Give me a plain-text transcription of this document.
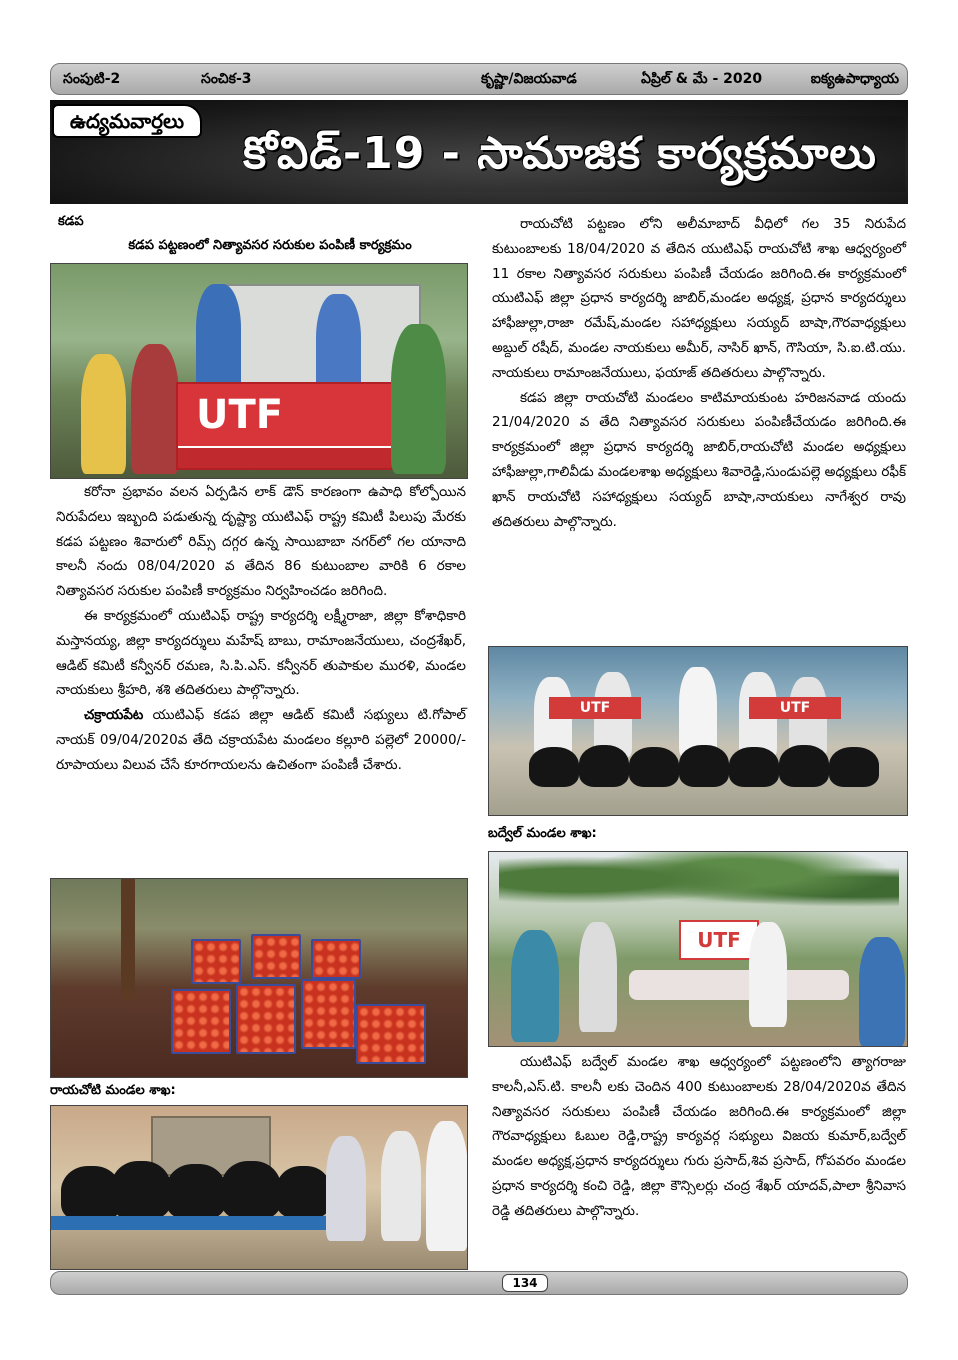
సంపుటి-2	సంచిక-3	కృష్ణా/విజయవాడ	ఏప్రిల్ & మే - 2020	ఐక్యఉపాధ్యాయ
ఉద్యమవార్తలు
కోవిడ్-19 - సామాజిక కార్యక్రమాలు
కడప
కడప పట్టణంలో నిత్యావసర సరుకుల పంపిణీ కార్యక్రమం
UTF

కరోనా ప్రభావం వలన ఏర్పడిన లాక్ డౌన్ కారణంగా ఉపాధి కోల్పోయిన నిరుపేదలు ఇబ్బంది పడుతున్న దృష్ట్యా యుటిఎఫ్ రాష్ట్ర కమిటీ పిలుపు మేరకు కడప పట్టణం శివారులో రిమ్స్ దగ్గర ఉన్న సాయిబాబా నగర్‌లో గల యానాది కాలనీ నందు 08/04/2020 వ తేదిన 86 కుటుంబాల వారికి 6 రకాల నిత్యావసర సరుకుల పంపిణీ కార్యక్రమం నిర్వహించడం జరిగింది.

ఈ కార్యక్రమంలో యుటిఎఫ్ రాష్ట్ర కార్యదర్శి లక్ష్మీరాజా, జిల్లా కోశాధికారి మస్తానయ్య, జిల్లా కార్యదర్శులు మహేష్ బాబు, రామాంజనేయులు, చంద్రశేఖర్, ఆడిట్ కమిటీ కన్వీనర్ రమణ, సి.పి.ఎస్. కన్వీనర్ తుపాకుల మురళి, మండల నాయకులు శ్రీహరి, శశి తదితరులు పాల్గొన్నారు.

చక్రాయపేట యుటిఎఫ్ కడప జిల్లా ఆడిట్ కమిటీ సభ్యులు టి.గోపాల్ నాయక్ 09/04/2020వ తేది చక్రాయపేట మండలం కల్లూరి పల్లెలో 20000/- రూపాయలు విలువ చేసే కూరగాయలను ఉచితంగా పంపిణీ చేశారు.

రాయచోటి మండల శాఖ:

రాయచోటి పట్టణం లోని అలీమాబాద్ వీధిలో గల 35 నిరుపేద కుటుంబాలకు 18/04/2020 వ తేదిన యుటిఎఫ్ రాయచోటి శాఖ ఆధ్వర్యంలో 11 రకాల నిత్యావసర సరుకులు పంపిణీ చేయడం జరిగింది.ఈ కార్యక్రమంలో యుటిఎఫ్ జిల్లా ప్రధాన కార్యదర్శి జాబిర్,మండల అధ్యక్ష, ప్రధాన కార్యదర్శులు హాఫీజుల్లా,రాజా రమేష్,మండల సహాధ్యక్షులు సయ్యద్ బాషా,గౌరవాధ్యక్షులు అబ్దుల్ రషీద్, మండల నాయకులు అమీర్, నాసిర్ ఖాన్, గౌసియా, సి.ఐ.టి.యు. నాయకులు రామాంజనేయులు, ఫయాజ్ తదితరులు పాల్గొన్నారు.

కడప జిల్లా రాయచోటి మండలం కాటిమాయకుంట హరిజనవాడ యందు 21/04/2020 వ తేది నిత్యావసర సరుకులు పంపిణీచేయడం జరిగింది.ఈ కార్యక్రమంలో జిల్లా ప్రధాన కార్యదర్శి జాబిర్,రాయచోటి మండల అధ్యక్షులు హాఫీజుల్లా,గాలివీడు మండలశాఖ అధ్యక్షులు శివారెడ్డి,సుండుపల్లె అధ్యక్షులు రఫీక్ ఖాన్ రాయచోటి సహాధ్యక్షులు సయ్యద్ బాషా,నాయకులు నాగేశ్వర రావు తదితరులు పాల్గొన్నారు.

UTF	UTF
బద్వేల్ మండల శాఖ:
UTF

యుటిఎఫ్ బద్వేల్ మండల శాఖ ఆధ్వర్యంలో పట్టణంలోని త్యాగరాజు కాలనీ,ఎస్.టి. కాలనీ లకు చెందిన 400 కుటుంబాలకు 28/04/2020వ తేదిన నిత్యావసర సరుకులు పంపిణీ చేయడం జరిగింది.ఈ కార్యక్రమంలో జిల్లా గౌరవాధ్యక్షులు ఓబుల రెడ్డి,రాష్ట్ర కార్యవర్గ సభ్యులు విజయ కుమార్,బద్వేల్ మండల అధ్యక్ష,ప్రధాన కార్యదర్శులు గురు ప్రసాద్,శివ ప్రసాద్, గోపవరం మండల ప్రధాన కార్యదర్శి కంచి రెడ్డి, జిల్లా కౌన్సిలర్లు చంద్ర శేఖర్ యాదవ్,పాలా శ్రీనివాస రెడ్డి తదితరులు పాల్గొన్నారు.

134
